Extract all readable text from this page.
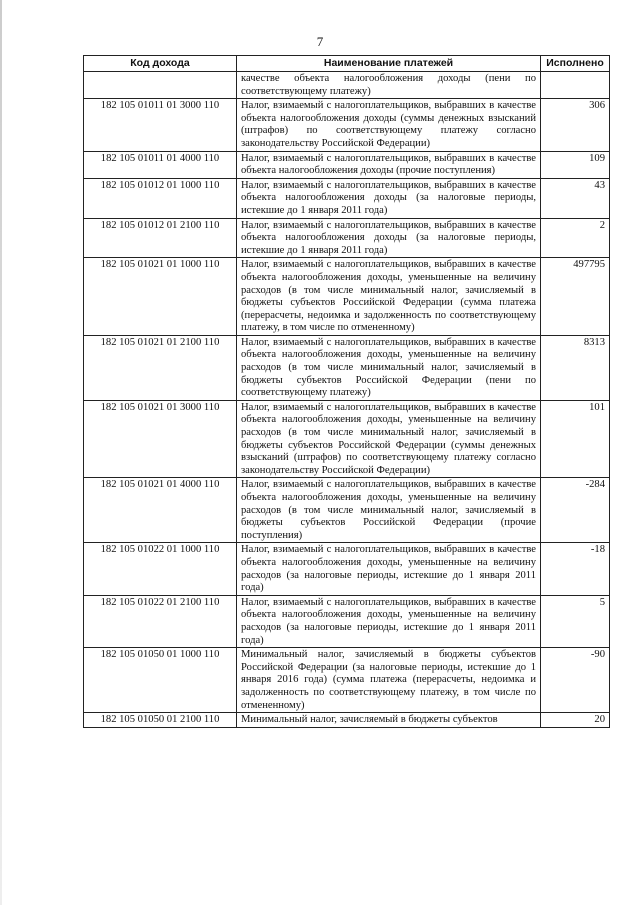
7
Код дохода	Наименование платежей	Исполнено
	качестве объекта налогообложения доходы (пени по соответствующему платежу)	
182 105 01011 01 3000 110	Налог, взимаемый с налогоплательщиков, выбравших в качестве объекта налогообложения доходы (суммы денежных взысканий (штрафов) по соответствующему платежу согласно законодательству Российской Федерации)	306
182 105 01011 01 4000 110	Налог, взимаемый с налогоплательщиков, выбравших в качестве объекта налогообложения доходы (прочие поступления)	109
182 105 01012 01 1000 110	Налог, взимаемый с налогоплательщиков, выбравших в качестве объекта налогообложения доходы (за налоговые периоды, истекшие до 1 января 2011 года)	43
182 105 01012 01 2100 110	Налог, взимаемый с налогоплательщиков, выбравших в качестве объекта налогообложения доходы (за налоговые периоды, истекшие до 1 января 2011 года)	2
182 105 01021 01 1000 110	Налог, взимаемый с налогоплательщиков, выбравших в качестве объекта налогообложения доходы, уменьшенные на величину расходов (в том числе минимальный налог, зачисляемый в бюджеты субъектов Российской Федерации (сумма платежа (перерасчеты, недоимка и задолженность по соответствующему платежу, в том числе по отмененному)	497795
182 105 01021 01 2100 110	Налог, взимаемый с налогоплательщиков, выбравших в качестве объекта налогообложения доходы, уменьшенные на величину расходов (в том числе минимальный налог, зачисляемый в бюджеты субъектов Российской Федерации (пени по соответствующему платежу)	8313
182 105 01021 01 3000 110	Налог, взимаемый с налогоплательщиков, выбравших в качестве объекта налогообложения доходы, уменьшенные на величину расходов (в том числе минимальный налог, зачисляемый в бюджеты субъектов Российской Федерации (суммы денежных взысканий (штрафов) по соответствующему платежу согласно законодательству Российской Федерации)	101
182 105 01021 01 4000 110	Налог, взимаемый с налогоплательщиков, выбравших в качестве объекта налогообложения доходы, уменьшенные на величину расходов (в том числе минимальный налог, зачисляемый в бюджеты субъектов Российской Федерации (прочие поступления)	-284
182 105 01022 01 1000 110	Налог, взимаемый с налогоплательщиков, выбравших в качестве объекта налогообложения доходы, уменьшенные на величину расходов (за налоговые периоды, истекшие до 1 января 2011 года)	-18
182 105 01022 01 2100 110	Налог, взимаемый с налогоплательщиков, выбравших в качестве объекта налогообложения доходы, уменьшенные на величину расходов (за налоговые периоды, истекшие до 1 января 2011 года)	5
182 105 01050 01 1000 110	Минимальный налог, зачисляемый в бюджеты субъектов Российской Федерации (за налоговые периоды, истекшие до 1 января 2016 года) (сумма платежа (перерасчеты, недоимка и задолженность по соответствующему платежу, в том числе по отмененному)	-90
182 105 01050 01 2100 110	Минимальный налог, зачисляемый в бюджеты субъектов	20
